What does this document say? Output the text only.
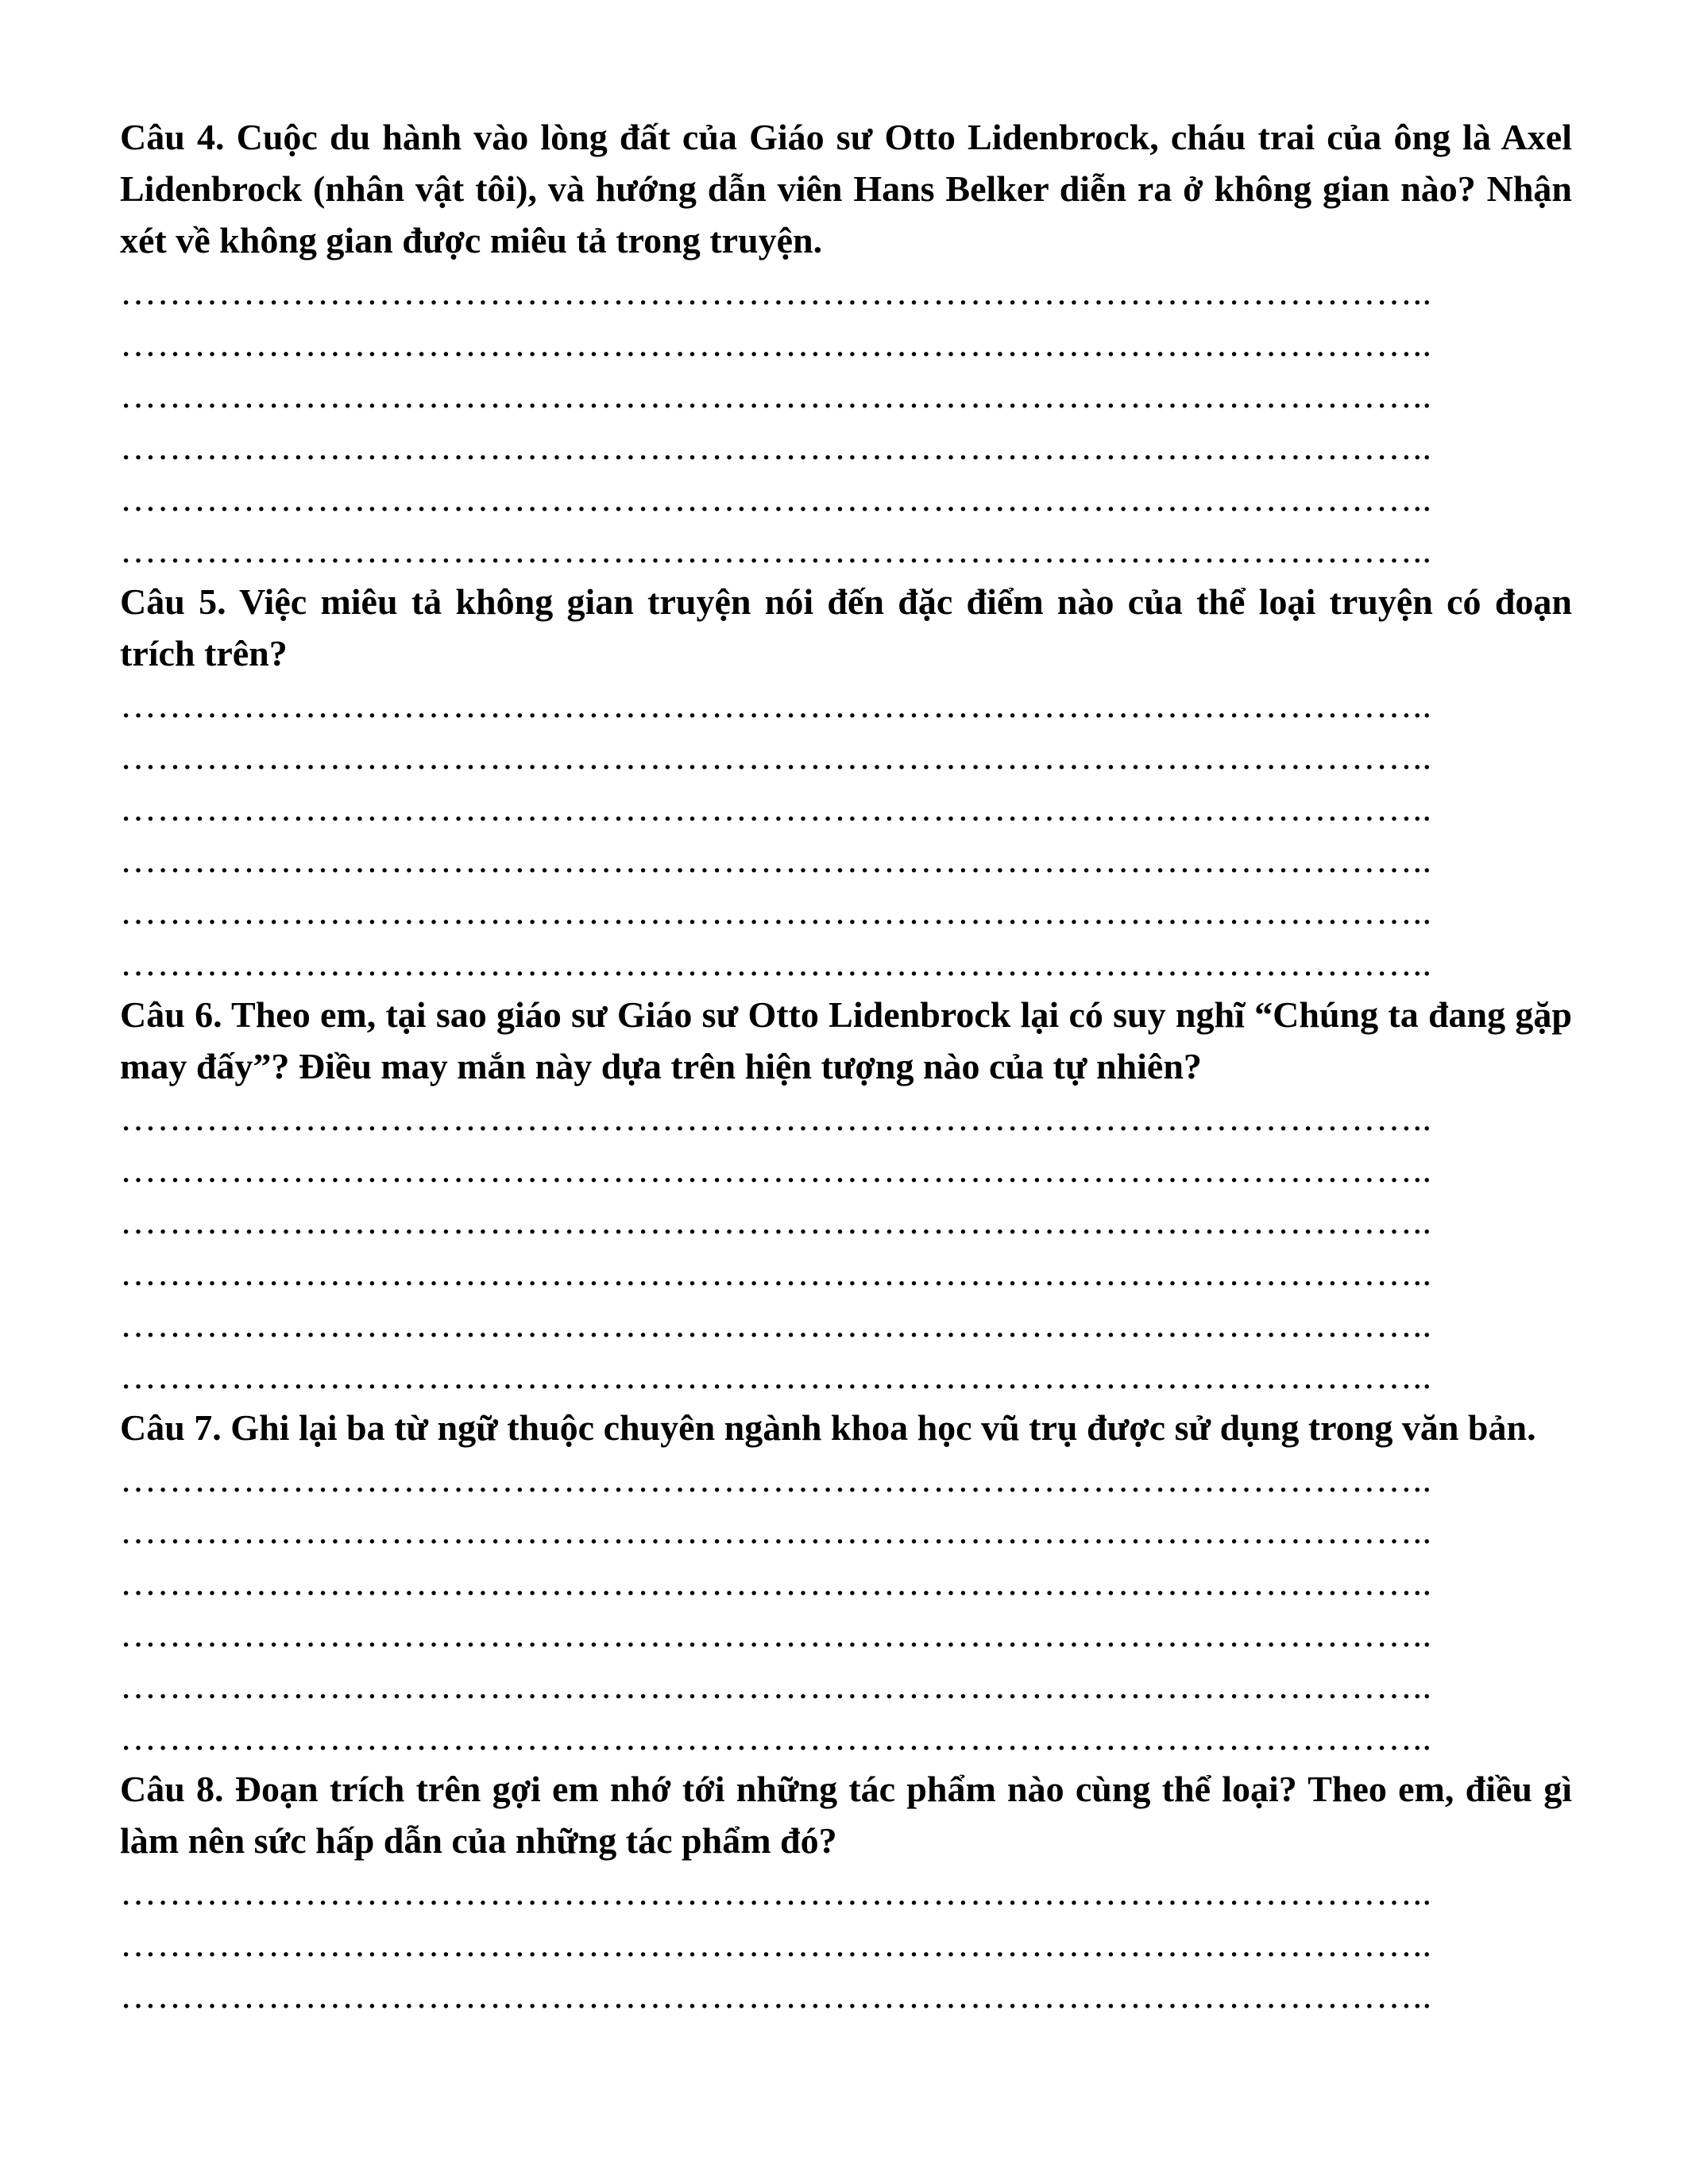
Câu 4. Cuộc du hành vào lòng đất của Giáo sư Otto Lidenbrock, cháu trai của ông là Axel Lidenbrock (nhân vật tôi), và hướng dẫn viên Hans Belker diễn ra ở không gian nào? Nhận xét về không gian được miêu tả trong truyện.

……………………………………………………………………………………………..
……………………………………………………………………………………………..
……………………………………………………………………………………………..
……………………………………………………………………………………………..
……………………………………………………………………………………………..
……………………………………………………………………………………………..

Câu 5. Việc miêu tả không gian truyện nói đến đặc điểm nào của thể loại truyện có đoạn trích trên?

……………………………………………………………………………………………..
……………………………………………………………………………………………..
……………………………………………………………………………………………..
……………………………………………………………………………………………..
……………………………………………………………………………………………..
……………………………………………………………………………………………..

Câu 6. Theo em, tại sao giáo sư Giáo sư Otto Lidenbrock lại có suy nghĩ “Chúng ta đang gặp may đấy”? Điều may mắn này dựa trên hiện tượng nào của tự nhiên?

……………………………………………………………………………………………..
……………………………………………………………………………………………..
……………………………………………………………………………………………..
……………………………………………………………………………………………..
……………………………………………………………………………………………..
……………………………………………………………………………………………..

Câu 7. Ghi lại ba từ ngữ thuộc chuyên ngành khoa học vũ trụ được sử dụng trong văn bản.

……………………………………………………………………………………………..
……………………………………………………………………………………………..
……………………………………………………………………………………………..
……………………………………………………………………………………………..
……………………………………………………………………………………………..
……………………………………………………………………………………………..

Câu 8. Đoạn trích trên gợi em nhớ tới những tác phẩm nào cùng thể loại? Theo em, điều gì làm nên sức hấp dẫn của những tác phẩm đó?

……………………………………………………………………………………………..
……………………………………………………………………………………………..
……………………………………………………………………………………………..
